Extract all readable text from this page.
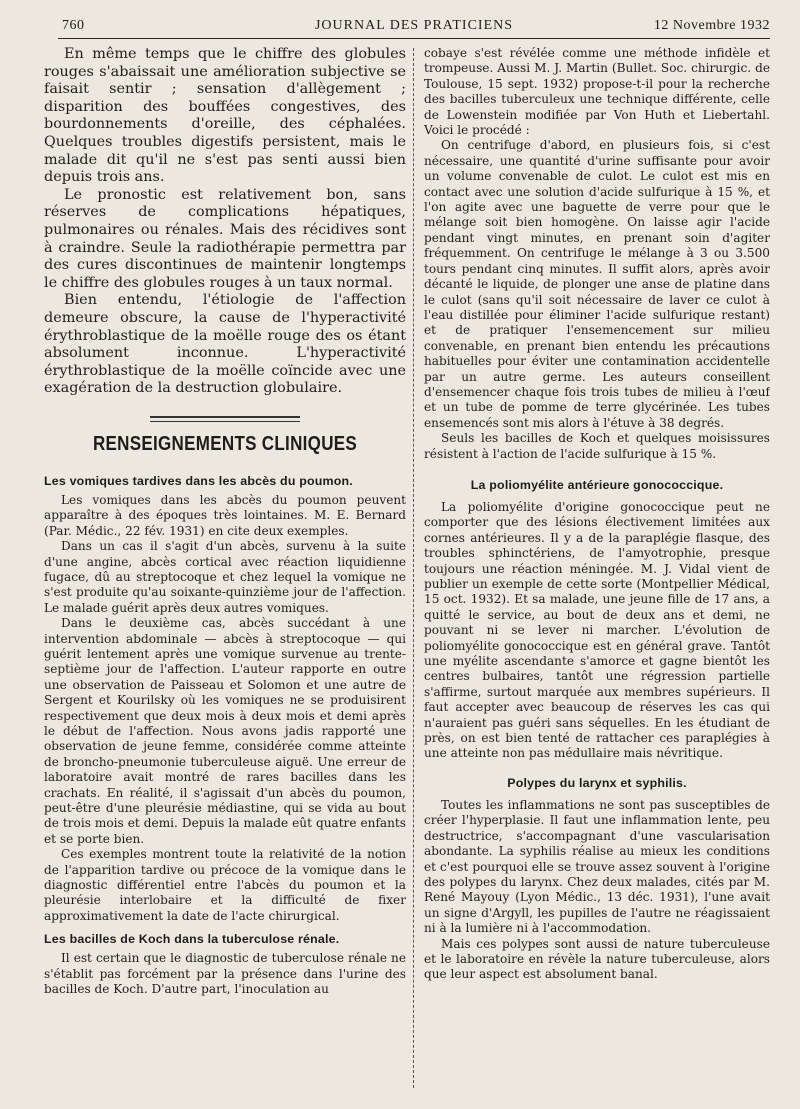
760	JOURNAL DES PRATICIENS	12 Novembre 1932

En même temps que le chiffre des globules rouges s'abaissait une amélioration subjective se faisait sentir ; sensation d'allègement ; disparition des bouffées congestives, des bourdonnements d'oreille, des céphalées. Quelques troubles digestifs persistent, mais le malade dit qu'il ne s'est pas senti aussi bien depuis trois ans.

Le pronostic est relativement bon, sans réserves de complications hépatiques, pulmonaires ou rénales. Mais des récidives sont à craindre. Seule la radiothérapie permettra par des cures discontinues de maintenir longtemps le chiffre des globules rouges à un taux normal.

Bien entendu, l'étiologie de l'affection demeure obscure, la cause de l'hyperactivité érythroblastique de la moëlle rouge des os étant absolument inconnue. L'hyperactivité érythroblastique de la moëlle coïncide avec une exagération de la destruction globulaire.

RENSEIGNEMENTS CLINIQUES
Les vomiques tardives dans les abcès du poumon.

Les vomiques dans les abcès du poumon peuvent apparaître à des époques très lointaines. M. E. Bernard (Par. Médic., 22 fév. 1931) en cite deux exemples.

Dans un cas il s'agit d'un abcès, survenu à la suite d'une angine, abcès cortical avec réaction liquidienne fugace, dû au streptocoque et chez lequel la vomique ne s'est produite qu'au soixante-quinzième jour de l'affection. Le malade guérit après deux autres vomiques.

Dans le deuxième cas, abcès succédant à une intervention abdominale — abcès à streptocoque — qui guérit lentement après une vomique survenue au trente-septième jour de l'affection. L'auteur rapporte en outre une observation de Paisseau et Solomon et une autre de Sergent et Kourilsky où les vomiques ne se produisirent respectivement que deux mois à deux mois et demi après le début de l'affection. Nous avons jadis rapporté une observation de jeune femme, considérée comme atteinte de broncho-pneumonie tuberculeuse aiguë. Une erreur de laboratoire avait montré de rares bacilles dans les crachats. En réalité, il s'agissait d'un abcès du poumon, peut-être d'une pleurésie médiastine, qui se vida au bout de trois mois et demi. Depuis la malade eût quatre enfants et se porte bien.

Ces exemples montrent toute la relativité de la notion de l'apparition tardive ou précoce de la vomique dans le diagnostic différentiel entre l'abcès du poumon et la pleurésie interlobaire et la difficulté de fixer approximativement la date de l'acte chirurgical.

Les bacilles de Koch dans la tuberculose rénale.

Il est certain que le diagnostic de tuberculose rénale ne s'établit pas forcément par la présence dans l'urine des bacilles de Koch. D'autre part, l'inoculation au

cobaye s'est révélée comme une méthode infidèle et trompeuse. Aussi M. J. Martin (Bullet. Soc. chirurgic. de Toulouse, 15 sept. 1932) propose-t-il pour la recherche des bacilles tuberculeux une technique différente, celle de Lowenstein modifiée par Von Huth et Liebertahl. Voici le procédé :

On centrifuge d'abord, en plusieurs fois, si c'est nécessaire, une quantité d'urine suffisante pour avoir un volume convenable de culot. Le culot est mis en contact avec une solution d'acide sulfurique à 15 %, et l'on agite avec une baguette de verre pour que le mélange soit bien homogène. On laisse agir l'acide pendant vingt minutes, en prenant soin d'agiter fréquemment. On centrifuge le mélange à 3 ou 3.500 tours pendant cinq minutes. Il suffit alors, après avoir décanté le liquide, de plonger une anse de platine dans le culot (sans qu'il soit nécessaire de laver ce culot à l'eau distillée pour éliminer l'acide sulfurique restant) et de pratiquer l'ensemencement sur milieu convenable, en prenant bien entendu les précautions habituelles pour éviter une contamination accidentelle par un autre germe. Les auteurs conseillent d'ensemencer chaque fois trois tubes de milieu à l'œuf et un tube de pomme de terre glycérinée. Les tubes ensemencés sont mis alors à l'étuve à 38 degrés.

Seuls les bacilles de Koch et quelques moisissures résistent à l'action de l'acide sulfurique à 15 %.

La poliomyélite antérieure gonococcique.

La poliomyélite d'origine gonococcique peut ne comporter que des lésions électivement limitées aux cornes antérieures. Il y a de la paraplégie flasque, des troubles sphinctériens, de l'amyotrophie, presque toujours une réaction méningée. M. J. Vidal vient de publier un exemple de cette sorte (Montpellier Médical, 15 oct. 1932). Et sa malade, une jeune fille de 17 ans, a quitté le service, au bout de deux ans et demi, ne pouvant ni se lever ni marcher. L'évolution de poliomyélite gonococcique est en général grave. Tantôt une myélite ascendante s'amorce et gagne bientôt les centres bulbaires, tantôt une régression partielle s'affirme, surtout marquée aux membres supérieurs. Il faut accepter avec beaucoup de réserves les cas qui n'auraient pas guéri sans séquelles. En les étudiant de près, on est bien tenté de rattacher ces paraplégies à une atteinte non pas médullaire mais névritique.

Polypes du larynx et syphilis.

Toutes les inflammations ne sont pas susceptibles de créer l'hyperplasie. Il faut une inflammation lente, peu destructrice, s'accompagnant d'une vascularisation abondante. La syphilis réalise au mieux les conditions et c'est pourquoi elle se trouve assez souvent à l'origine des polypes du larynx. Chez deux malades, cités par M. René Mayouy (Lyon Médic., 13 déc. 1931), l'une avait un signe d'Argyll, les pupilles de l'autre ne réagissaient ni à la lumière ni à l'accommodation.

Mais ces polypes sont aussi de nature tuberculeuse et le laboratoire en révèle la nature tuberculeuse, alors que leur aspect est absolument banal.
